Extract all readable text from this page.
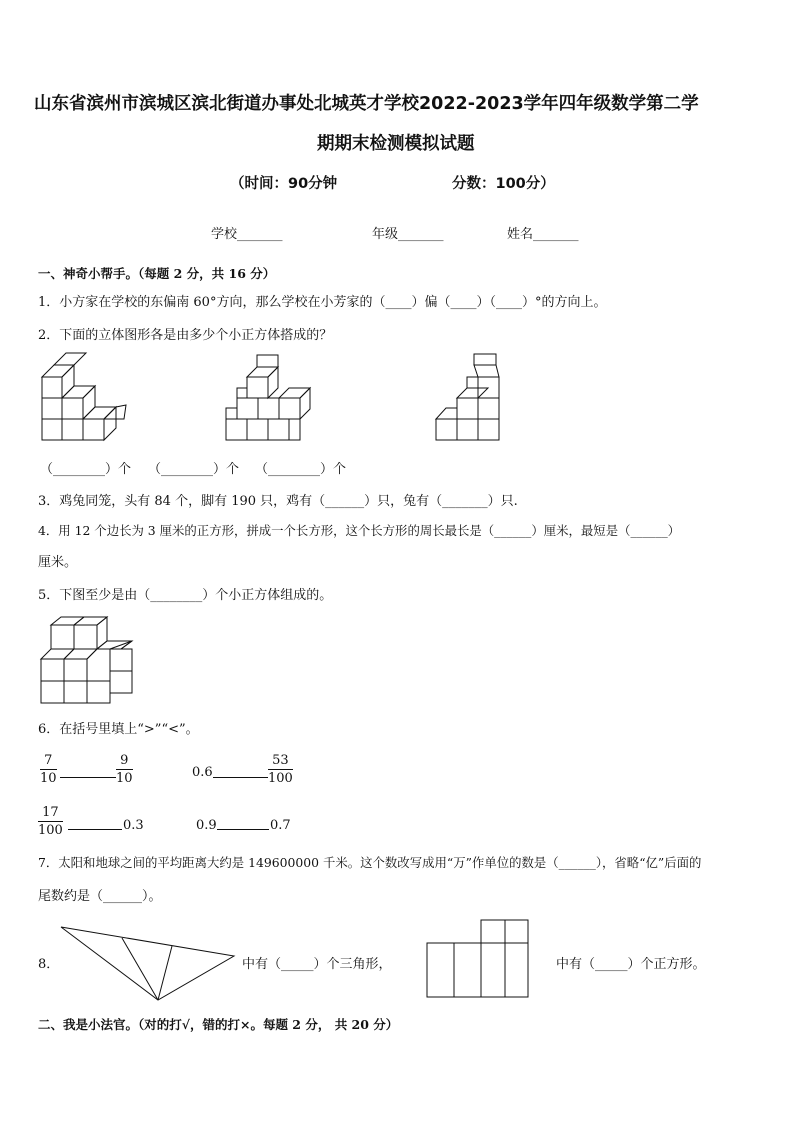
山东省滨州市滨城区滨北街道办事处北城英才学校2022-2023学年四年级数学第二学
期期末检测模拟试题
（时间：90分钟	分数：100分）
学校_______	年级_______	姓名_______
一、神奇小帮手。（每题 2 分，共 16 分）
1．小方家在学校的东偏南 60°方向，那么学校在小芳家的（____）偏（____）（____）°的方向上。
2．下面的立体图形各是由多少个小正方体搭成的？
（________）个 （________）个 （________）个
3．鸡兔同笼，头有 84 个，脚有 190 只，鸡有（______）只，兔有（_______）只.
4．用 12 个边长为 3 厘米的正方形，拼成一个长方形，这个长方形的周长最长是（______）厘米，最短是（______）
厘米。
5．下图至少是由（________）个小正方体组成的。
6．在括号里填上“>”“<”。
$\frac{7}{10}$	$\frac{9}{10}$	0.6	$\frac{53}{100}$
$\frac{17}{100}$	0.3	0.9	0.7
7．太阳和地球之间的平均距离大约是 149600000 千米。这个数改写成用“万”作单位的数是（______），省略“亿”后面的
尾数约是（______）。
8．	中有（_____）个三角形，	中有（_____）个正方形。
二、我是小法官。（对的打√，错的打×。每题 2 分， 共 20 分）
